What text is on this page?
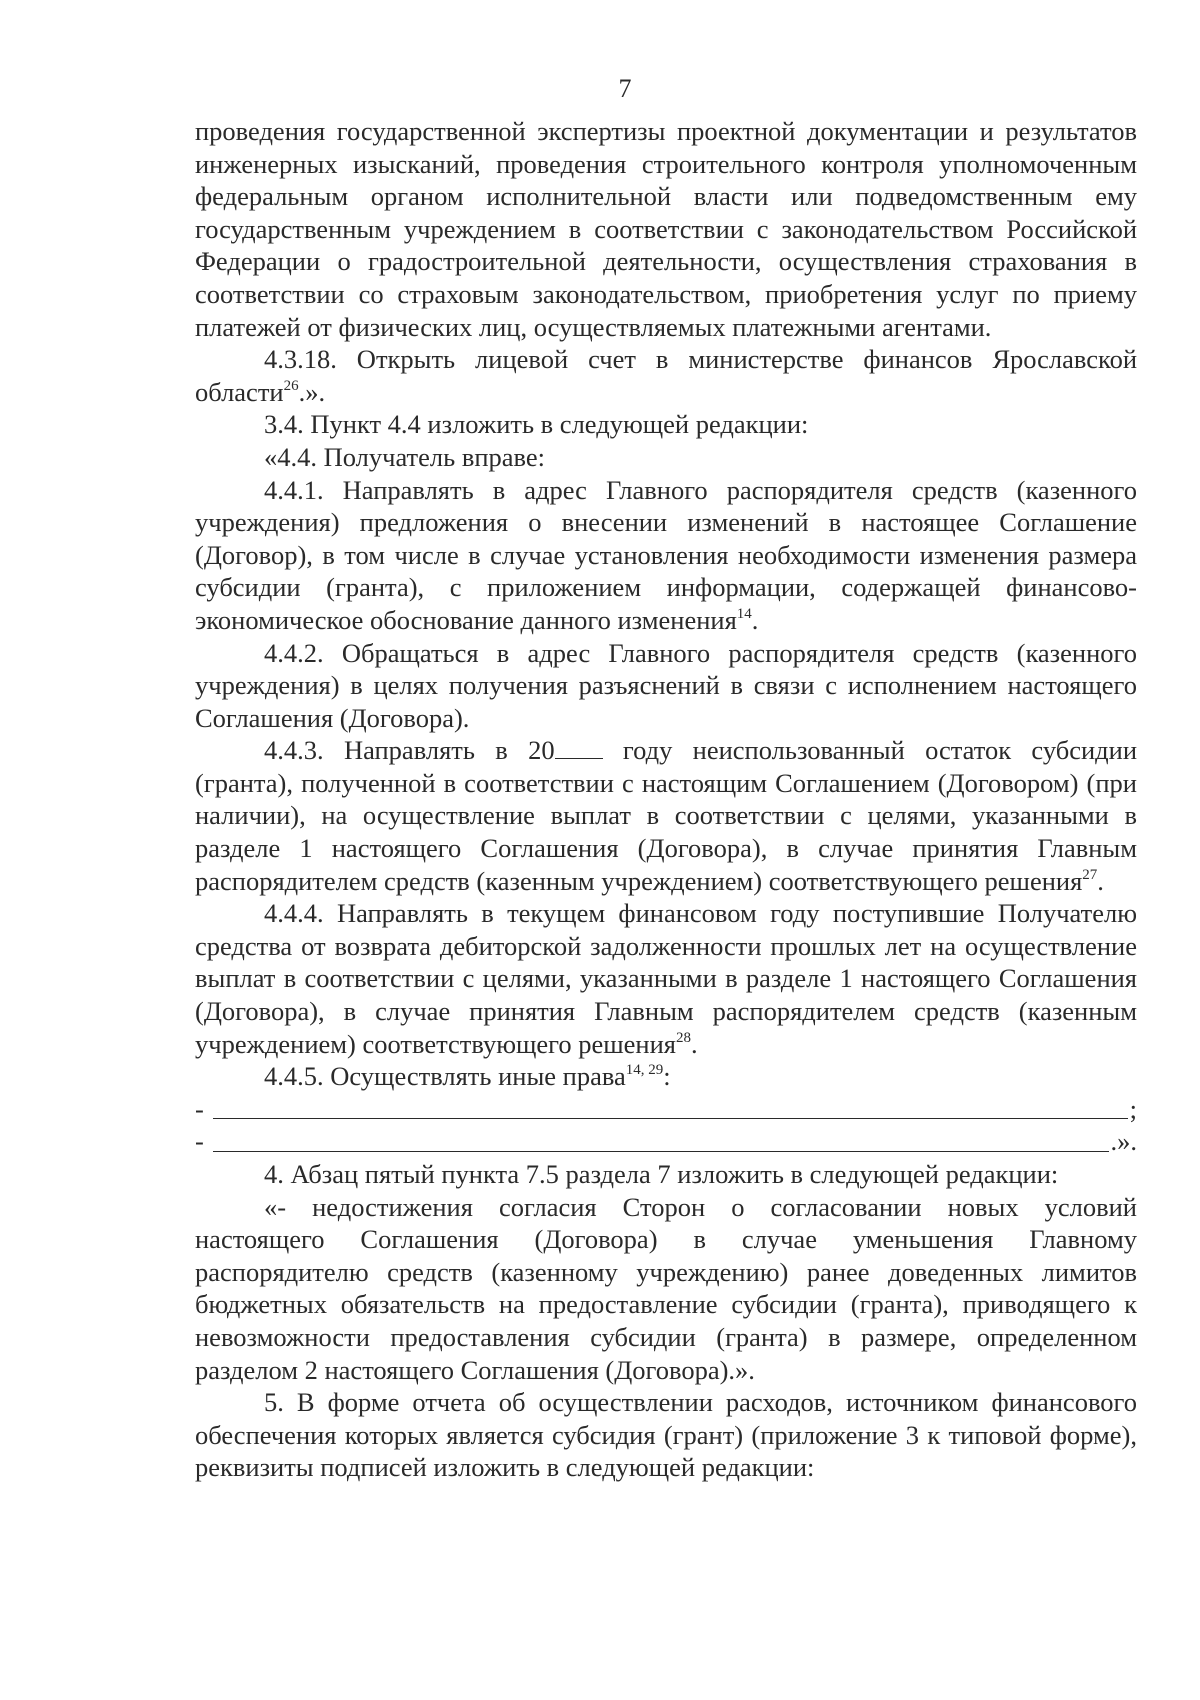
7

проведения государственной экспертизы проектной документации и результатов инженерных изысканий, проведения строительного контроля уполномоченным федеральным органом исполнительной власти или подведомственным ему государственным учреждением в соответствии с законодательством Российской Федерации о градостроительной деятельности, осуществления страхования в соответствии со страховым законодательством, приобретения услуг по приему платежей от физических лиц, осуществляемых платежными агентами.

4.3.18. Открыть лицевой счет в министерстве финансов Ярославской области$^{26}$.».

3.4. Пункт 4.4 изложить в следующей редакции:

«4.4. Получатель вправе:

4.4.1. Направлять в адрес Главного распорядителя средств (казенного учреждения) предложения о внесении изменений в настоящее Соглашение (Договор), в том числе в случае установления необходимости изменения размера субсидии (гранта), с приложением информации, содержащей финансово-экономическое обоснование данного изменения$^{14}$.

4.4.2. Обращаться в адрес Главного распорядителя средств (казенного учреждения) в целях получения разъяснений в связи с исполнением настоящего Соглашения (Договора).

4.4.3. Направлять в 20 году неиспользованный остаток субсидии (гранта), полученной в соответствии с настоящим Соглашением (Договором) (при наличии), на осуществление выплат в соответствии с целями, указанными в разделе 1 настоящего Соглашения (Договора), в случае принятия Главным распорядителем средств (казенным учреждением) соответствующего решения$^{27}$.

4.4.4. Направлять в текущем финансовом году поступившие Получателю средства от возврата дебиторской задолженности прошлых лет на осуществление выплат в соответствии с целями, указанными в разделе 1 настоящего Соглашения (Договора), в случае принятия Главным распорядителем средств (казенным учреждением) соответствующего решения$^{28}$.

4.4.5. Осуществлять иные права$^{14, 29}$:

-	;
-	.».

4. Абзац пятый пункта 7.5 раздела 7 изложить в следующей редакции:

«- недостижения согласия Сторон о согласовании новых условий настоящего Соглашения (Договора) в случае уменьшения Главному распорядителю средств (казенному учреждению) ранее доведенных лимитов бюджетных обязательств на предоставление субсидии (гранта), приводящего к невозможности предоставления субсидии (гранта) в размере, определенном разделом 2 настоящего Соглашения (Договора).».

5. В форме отчета об осуществлении расходов, источником финансового обеспечения которых является субсидия (грант) (приложение 3 к типовой форме), реквизиты подписей изложить в следующей редакции:
